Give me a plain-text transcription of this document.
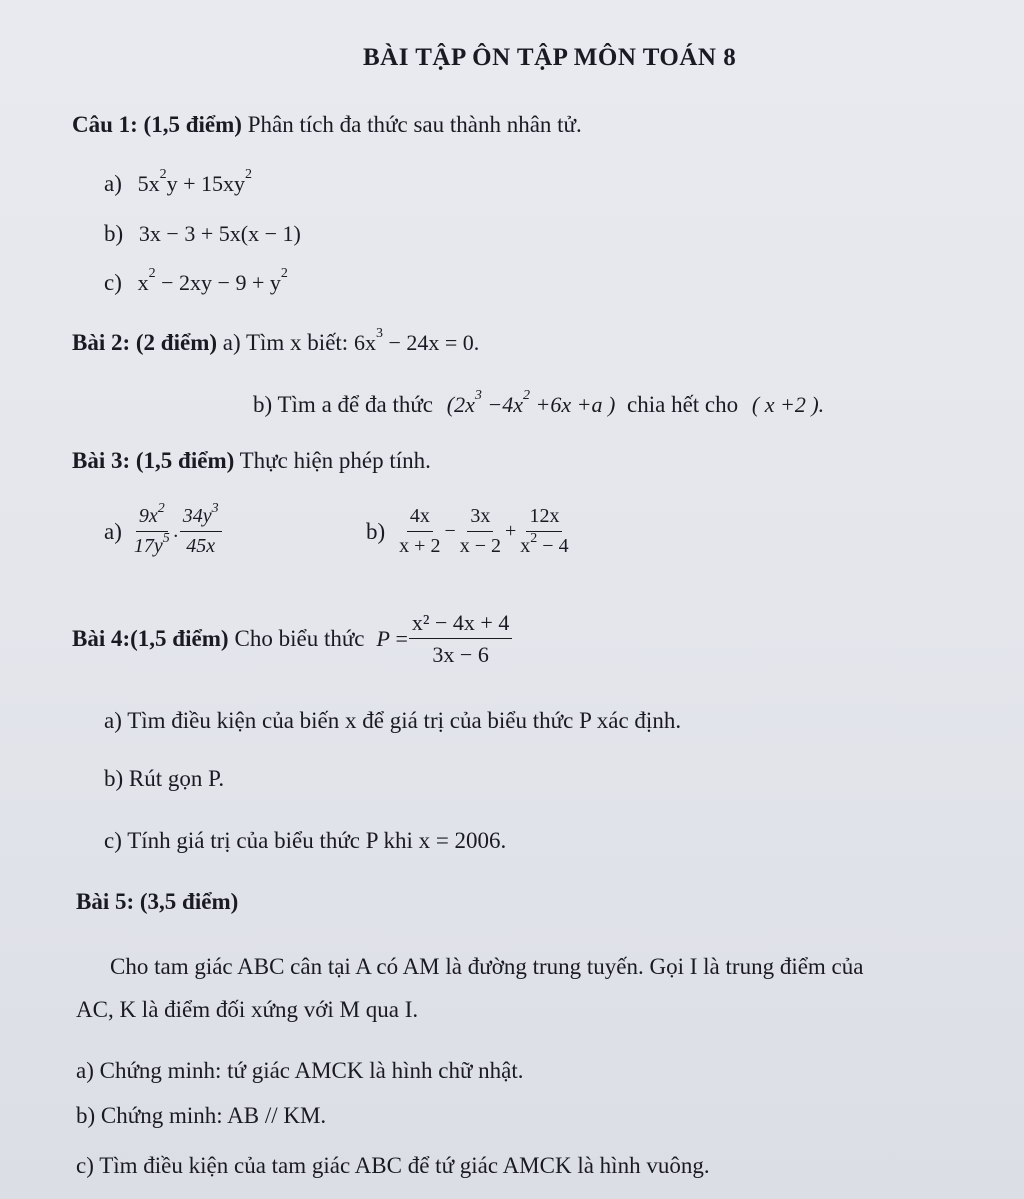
BÀI TẬP ÔN TẬP MÔN TOÁN 8
Câu 1: (1,5 điểm) Phân tích đa thức sau thành nhân tử.
a) $5x^2y + 15xy^2$
b) 3x − 3 + 5x(x − 1)
c) $x^2 - 2xy - 9 + y^2$
Bài 2: (2 điểm) a) Tìm x biết: $6x^3 - 24x = 0$.
b) Tìm a để đa thức ($2x^3 -4x^2 +6x +a$ ) chia hết cho ( x +2 ).
Bài 3: (1,5 điểm) Thực hiện phép tính.
$a) \frac{9x^2}{17y^5}$ . $\frac{34y^3}{45x}$	$b) \frac{4x}{x + 2} - \frac{3x}{x - 2} + \frac{12x}{x^2 - 4}$
Bài 4:(1,5 điểm) Cho biểu thức $P = \frac{\text{x² − 4x + 4}}{3x - 6}$
a) Tìm điều kiện của biến x để giá trị của biểu thức P xác định.
b) Rút gọn P.
c) Tính giá trị của biểu thức P khi x = 2006.
Bài 5: (3,5 điểm)
Cho tam giác ABC cân tại A có AM là đường trung tuyến. Gọi I là trung điểm của
AC, K là điểm đối xứng với M qua I.
a) Chứng minh: tứ giác AMCK là hình chữ nhật.
b) Chứng minh: AB // KM.
c) Tìm điều kiện của tam giác ABC để tứ giác AMCK là hình vuông.
